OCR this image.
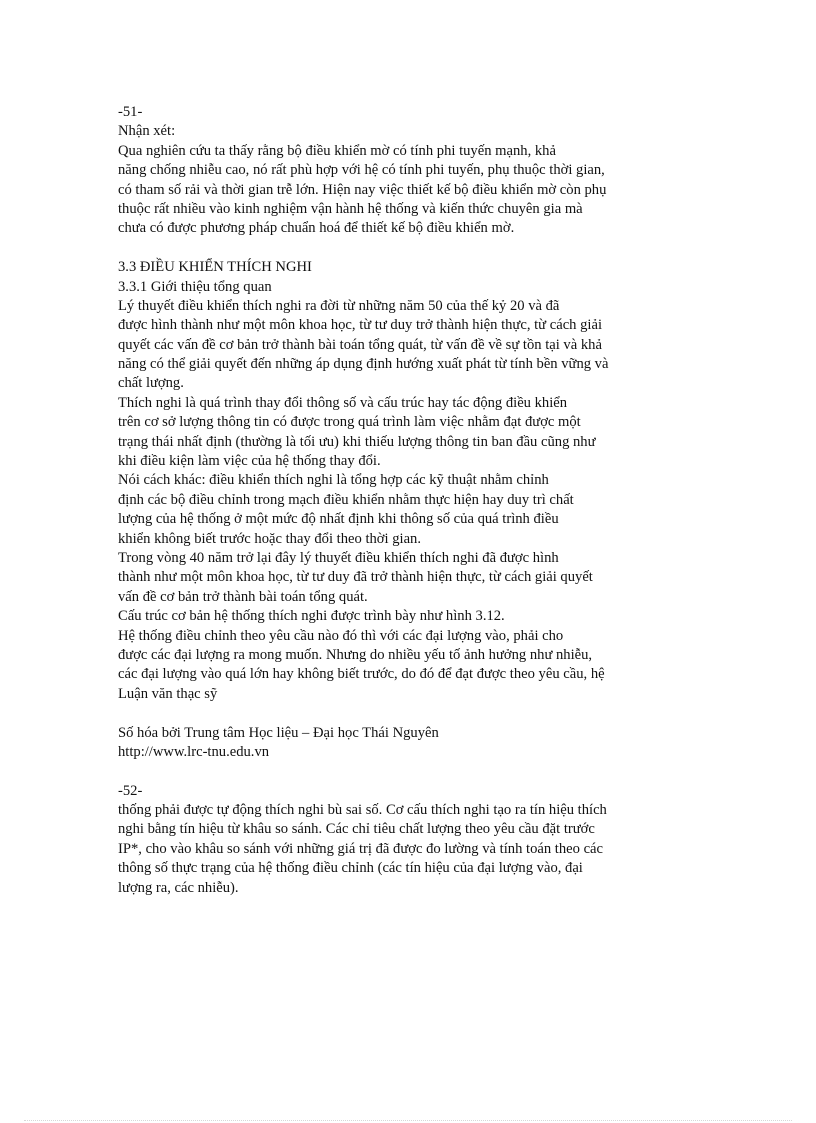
-51-
Nhận xét:
Qua nghiên cứu ta thấy rằng bộ điều khiển mờ có tính phi tuyến mạnh, khả
năng chống nhiễu cao, nó rất phù hợp với hệ có tính phi tuyến, phụ thuộc thời gian,
có tham số rải và thời gian trễ lớn. Hiện nay việc thiết kế bộ điều khiển mờ còn phụ
thuộc rất nhiều vào kinh nghiệm vận hành hệ thống và kiến thức chuyên gia mà
chưa có được phương pháp chuẩn hoá để thiết kế bộ điều khiển mờ.
3.3 ĐIỀU KHIỂN THÍCH NGHI
3.3.1 Giới thiệu tổng quan
Lý thuyết điều khiển thích nghi ra đời từ những năm 50 của thế kỷ 20 và đã
được hình thành như một môn khoa học, từ tư duy trở thành hiện thực, từ cách giải
quyết các vấn đề cơ bản trở thành bài toán tổng quát, từ vấn đề về sự tồn tại và khả
năng có thể giải quyết đến những áp dụng định hướng xuất phát từ tính bền vững và
chất lượng.
Thích nghi là quá trình thay đổi thông số và cấu trúc hay tác động điều khiển
trên cơ sở lượng thông tin có được trong quá trình làm việc nhằm đạt được một
trạng thái nhất định (thường là tối ưu) khi thiếu lượng thông tin ban đầu cũng như
khi điều kiện làm việc của hệ thống thay đổi.
Nói cách khác: điều khiển thích nghi là tổng hợp các kỹ thuật nhằm chỉnh
định các bộ điều chỉnh trong mạch điều khiển nhằm thực hiện hay duy trì chất
lượng của hệ thống ở một mức độ nhất định khi thông số của quá trình điều
khiển không biết trước hoặc thay đổi theo thời gian.
Trong vòng 40 năm trở lại đây lý thuyết điều khiển thích nghi đã được hình
thành như một môn khoa học, từ tư duy đã trở thành hiện thực, từ cách giải quyết
vấn đề cơ bản trở thành bài toán tổng quát.
Cấu trúc cơ bản hệ thống thích nghi được trình bày như hình 3.12.
Hệ thống điều chỉnh theo yêu cầu nào đó thì với các đại lượng vào, phải cho
được các đại lượng ra mong muốn. Nhưng do nhiều yếu tố ảnh hưởng như nhiễu,
các đại lượng vào quá lớn hay không biết trước, do đó để đạt được theo yêu cầu, hệ
Luận văn thạc sỹ
Số hóa bởi Trung tâm Học liệu – Đại học Thái Nguyên
http://www.lrc-tnu.edu.vn
-52-
thống phải được tự động thích nghi bù sai số. Cơ cấu thích nghi tạo ra tín hiệu thích
nghi bằng tín hiệu từ khâu so sánh. Các chỉ tiêu chất lượng theo yêu cầu đặt trước
IP*, cho vào khâu so sánh với những giá trị đã được đo lường và tính toán theo các
thông số thực trạng của hệ thống điều chỉnh (các tín hiệu của đại lượng vào, đại
lượng ra, các nhiễu).
